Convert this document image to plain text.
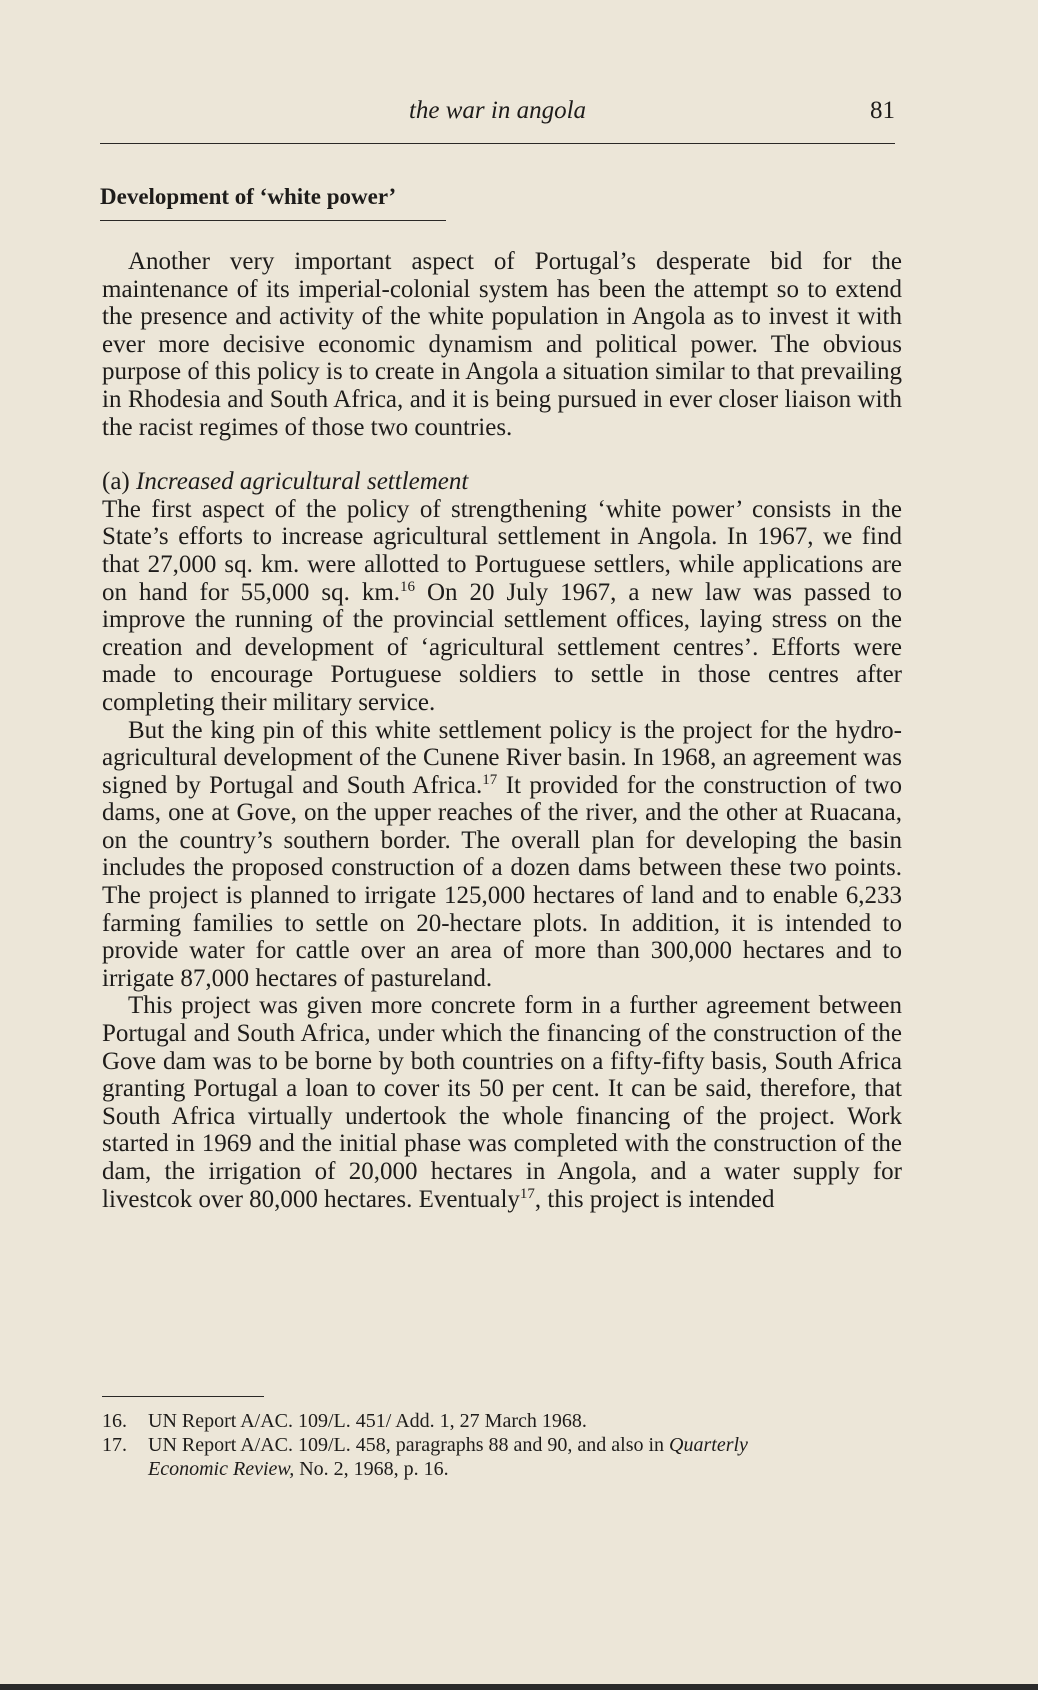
the war in angola	81
Development of ‘white power’

Another very important aspect of Portugal’s desperate bid for the maintenance of its imperial-colonial system has been the attempt so to extend the presence and activity of the white population in Angola as to invest it with ever more decisive economic dynamism and political power. The obvious purpose of this policy is to create in Angola a situation similar to that prevailing in Rhodesia and South Africa, and it is being pursued in ever closer liaison with the racist regimes of those two countries.

(a) Increased agricultural settlement

The first aspect of the policy of strengthening ‘white power’ consists in the State’s efforts to increase agricultural settlement in Angola. In 1967, we find that 27,000 sq. km. were allotted to Portuguese settlers, while applications are on hand for 55,000 sq. km.$^{16}$ On 20 July 1967, a new law was passed to improve the running of the provincial settlement offices, laying stress on the creation and development of ‘agricultural settlement centres’. Efforts were made to encourage Portuguese soldiers to settle in those centres after completing their military service.

But the king pin of this white settlement policy is the project for the hydro-agricultural development of the Cunene River basin. In 1968, an agreement was signed by Portugal and South Africa.$^{17}$ It provided for the construction of two dams, one at Gove, on the upper reaches of the river, and the other at Ruacana, on the country’s southern border. The overall plan for developing the basin includes the proposed construction of a dozen dams between these two points. The project is planned to irrigate 125,000 hectares of land and to enable 6,233 farming families to settle on 20-hectare plots. In addition, it is intended to provide water for cattle over an area of more than 300,000 hectares and to irrigate 87,000 hectares of pastureland.

This project was given more concrete form in a further agreement between Portugal and South Africa, under which the financing of the construction of the Gove dam was to be borne by both countries on a fifty-fifty basis, South Africa granting Portugal a loan to cover its 50 per cent. It can be said, therefore, that South Africa virtually undertook the whole financing of the project. Work started in 1969 and the initial phase was completed with the construction of the dam, the irrigation of 20,000 hectares in Angola, and a water supply for livestcok over 80,000 hectares. Eventualy$^{17}$, this project is intended

16.	UN Report A/AC. 109/L. 451/ Add. 1, 27 March 1968.

17.	UN Report A/AC. 109/L. 458, paragraphs 88 and 90, and also in Quarterly
Economic Review, No. 2, 1968, p. 16.
